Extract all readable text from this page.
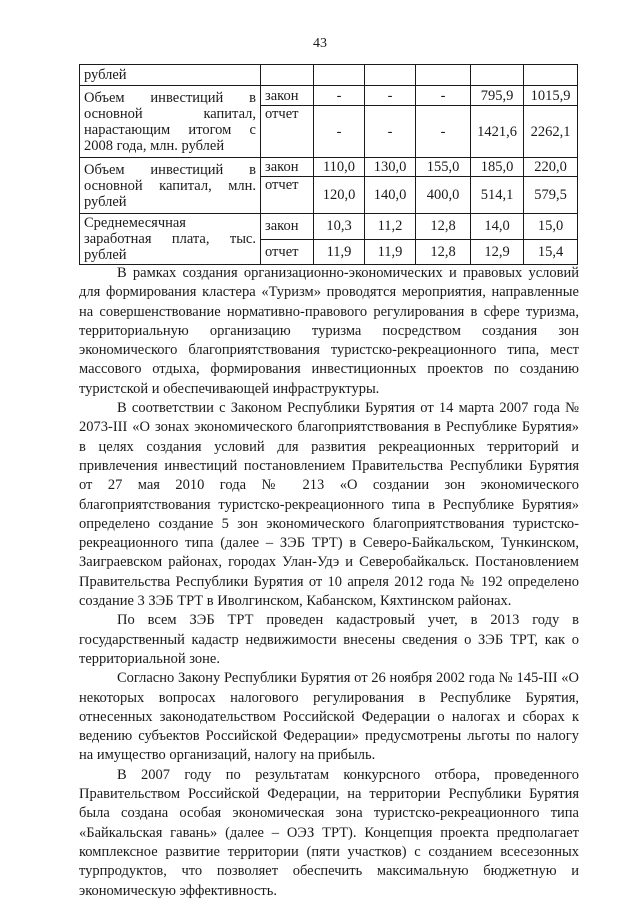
43
рублей						
Объем инвестиций в основной капитал, нарастающим итогом с 2008 года, млн. рублей	закон	-	-	-	795,9	1015,9
	отчет	-	-	-	1421,6	2262,1
Объем инвестиций в основной капитал, млн. рублей	закон	110,0	130,0	155,0	185,0	220,0
	отчет	120,0	140,0	400,0	514,1	579,5
Среднемесячная заработная плата, тыс. рублей	закон	10,3	11,2	12,8	14,0	15,0
	отчет	11,9	11,9	12,8	12,9	15,4

В рамках создания организационно-экономических и правовых условий для формирования кластера «Туризм» проводятся мероприятия, направленные на совершенствование нормативно-правового регулирования в сфере туризма, территориальную организацию туризма посредством создания зон экономического благоприятствования туристско-рекреационного типа, мест массового отдыха, формирования инвестиционных проектов по созданию туристской и обеспечивающей инфраструктуры.

В соответствии с Законом Республики Бурятия от 14 марта 2007 года № 2073-III «О зонах экономического благоприятствования в Республике Бурятия» в целях создания условий для развития рекреационных территорий и привлечения инвестиций постановлением Правительства Республики Бурятия от 27 мая 2010 года № 213 «О создании зон экономического благоприятствования туристско-рекреационного типа в Республике Бурятия» определено создание 5 зон экономического благоприятствования туристско-рекреационного типа (далее – ЗЭБ ТРТ) в Северо-Байкальском, Тункинском, Заиграевском районах, городах Улан-Удэ и Северобайкальск. Постановлением Правительства Республики Бурятия от 10 апреля 2012 года № 192 определено создание 3 ЗЭБ ТРТ в Иволгинском, Кабанском, Кяхтинском районах.

По всем ЗЭБ ТРТ проведен кадастровый учет, в 2013 году в государственный кадастр недвижимости внесены сведения о ЗЭБ ТРТ, как о территориальной зоне.

Согласно Закону Республики Бурятия от 26 ноября 2002 года № 145-III «О некоторых вопросах налогового регулирования в Республике Бурятия, отнесенных законодательством Российской Федерации о налогах и сборах к ведению субъектов Российской Федерации» предусмотрены льготы по налогу на имущество организаций, налогу на прибыль.

В 2007 году по результатам конкурсного отбора, проведенного Правительством Российской Федерации, на территории Республики Бурятия была создана особая экономическая зона туристско-рекреационного типа «Байкальская гавань» (далее – ОЭЗ ТРТ). Концепция проекта предполагает комплексное развитие территории (пяти участков) с созданием всесезонных турпродуктов, что позволяет обеспечить максимальную бюджетную и экономическую эффективность.
